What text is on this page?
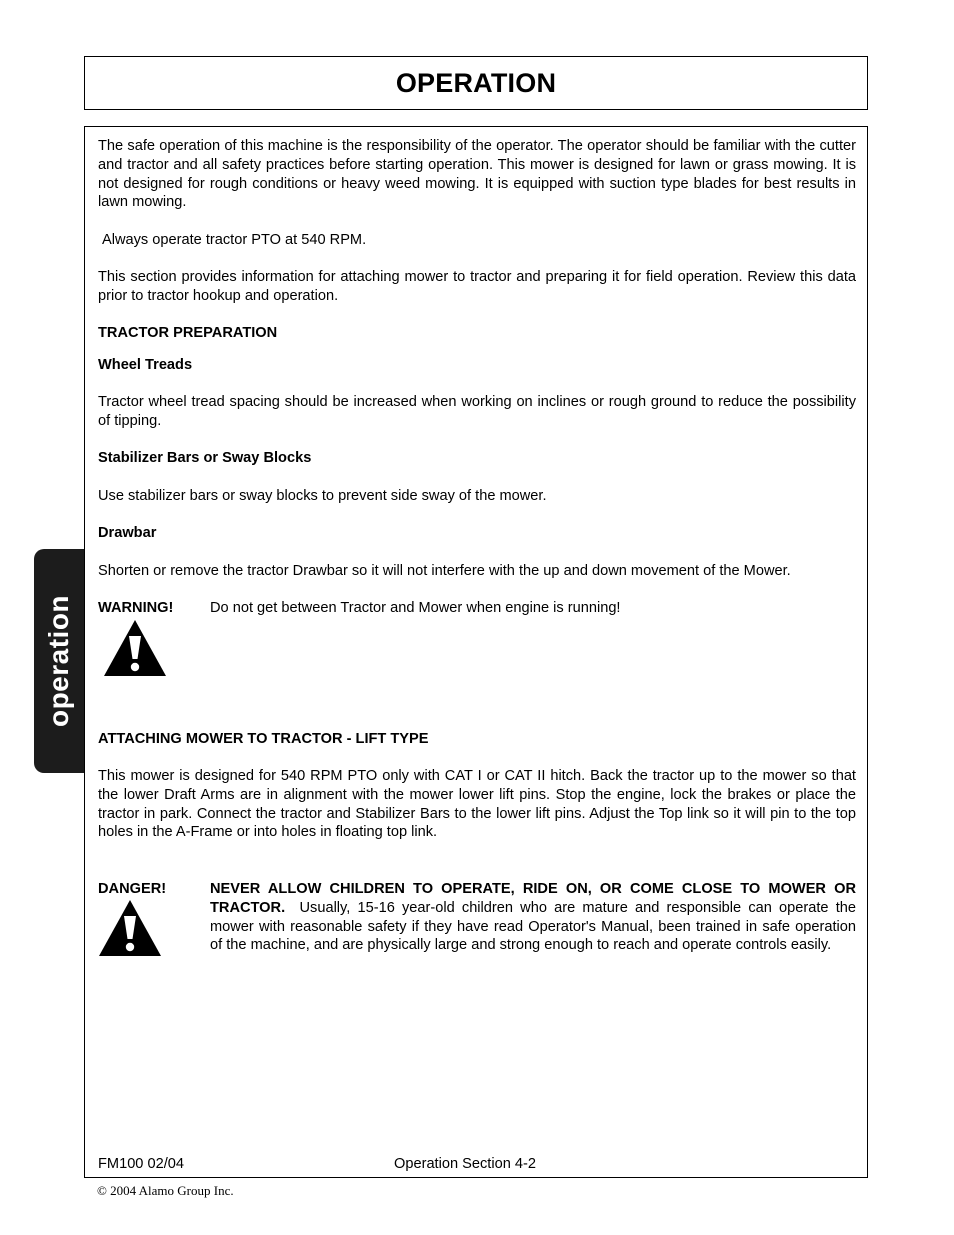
OPERATION
operation
The safe operation of this machine is the responsibility of the operator. The operator should be familiar with the cutter and tractor and all safety practices before starting operation. This mower is designed for lawn or grass mowing. It is not designed for rough conditions or heavy weed mowing. It is equipped with suction type blades for best results in lawn mowing.
Always operate tractor PTO at 540 RPM.
This section provides information for attaching mower to tractor and preparing it for field operation. Review this data prior to tractor hookup and operation.
TRACTOR PREPARATION
Wheel Treads
Tractor wheel tread spacing should be increased when working on inclines or rough ground to reduce the possibility of tipping.
Stabilizer Bars or Sway Blocks
Use stabilizer bars or sway blocks to prevent side sway of the mower.
Drawbar
Shorten or remove the tractor Drawbar so it will not interfere with the up and down movement of the Mower.
WARNING!	Do not get between Tractor and Mower when engine is running!
ATTACHING MOWER TO TRACTOR - LIFT TYPE
This mower is designed for 540 RPM PTO only with CAT I or CAT II hitch. Back the tractor up to the mower so that the lower Draft Arms are in alignment with the mower lower lift pins. Stop the engine, lock the brakes or place the tractor in park. Connect the tractor and Stabilizer Bars to the lower lift pins. Adjust the Top link so it will pin to the top holes in the A-Frame or into holes in floating top link.
DANGER!	NEVER ALLOW CHILDREN TO OPERATE, RIDE ON, OR COME CLOSE TO MOWER OR TRACTOR. Usually, 15-16 year-old children who are mature and responsible can operate the mower with reasonable safety if they have read Operator's Manual, been trained in safe operation of the machine, and are physically large and strong enough to reach and operate controls easily.
FM100 02/04	Operation Section 4-2
© 2004 Alamo Group Inc.
